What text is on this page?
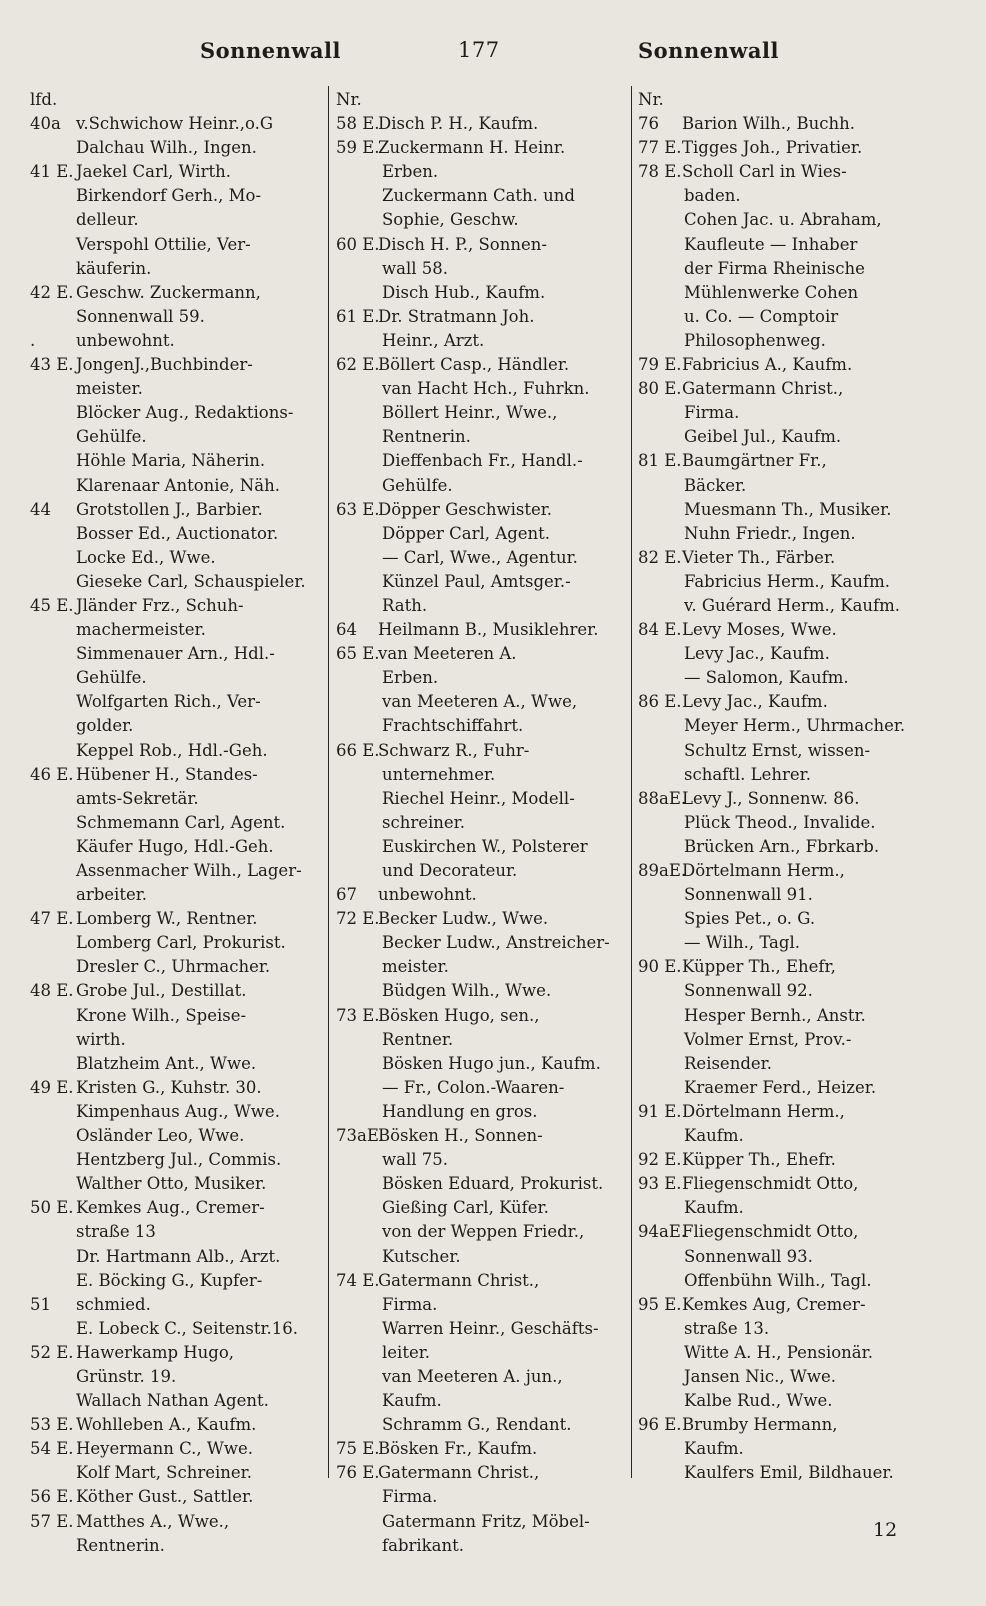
Sonnenwall	177	Sonnenwall
lfd.
40a v.Schwichow Heinr.,o.G
Dalchau Wilh., Ingen.
41 E. Jaekel Carl, Wirth.
Birkendorf Gerh., Mo-
delleur.
Verspohl Ottilie, Ver-
käuferin.
42 E. Geschw. Zuckermann,
Sonnenwall 59.
. unbewohnt.
43 E. JongenJ.,Buchbinder-
meister.
Blöcker Aug., Redaktions-
Gehülfe.
Höhle Maria, Näherin.
Klarenaar Antonie, Näh.
44 Grotstollen J., Barbier.
Bosser Ed., Auctionator.
Locke Ed., Wwe.
Gieseke Carl, Schauspieler.
45 E. Jländer Frz., Schuh-
machermeister.
Simmenauer Arn., Hdl.-
Gehülfe.
Wolfgarten Rich., Ver-
golder.
Keppel Rob., Hdl.-Geh.
46 E. Hübener H., Standes-
amts-Sekretär.
Schmemann Carl, Agent.
Käufer Hugo, Hdl.-Geh.
Assenmacher Wilh., Lager-
arbeiter.
47 E. Lomberg W., Rentner.
Lomberg Carl, Prokurist.
Dresler C., Uhrmacher.
48 E. Grobe Jul., Destillat.
Krone Wilh., Speise-
wirth.
Blatzheim Ant., Wwe.
49 E. Kristen G., Kuhstr. 30.
Kimpenhaus Aug., Wwe.
Osländer Leo, Wwe.
Hentzberg Jul., Commis.
Walther Otto, Musiker.
50 E. Kemkes Aug., Cremer-
straße 13
Dr. Hartmann Alb., Arzt.
E. Böcking G., Kupfer-
51 schmied.
E. Lobeck C., Seitenstr.16.
52 E. Hawerkamp Hugo,
Grünstr. 19.
Wallach Nathan Agent.
53 E. Wohlleben A., Kaufm.
54 E. Heyermann C., Wwe.
Kolf Mart, Schreiner.
56 E. Köther Gust., Sattler.
57 E. Matthes A., Wwe.,
Rentnerin.
Nr.
58 E.Disch P. H., Kaufm.
59 E.Zuckermann H. Heinr.
Erben.
Zuckermann Cath. und
Sophie, Geschw.
60 E.Disch H. P., Sonnen-
wall 58.
Disch Hub., Kaufm.
61 E.Dr. Stratmann Joh.
Heinr., Arzt.
62 E.Böllert Casp., Händler.
van Hacht Hch., Fuhrkn.
Böllert Heinr., Wwe.,
Rentnerin.
Dieffenbach Fr., Handl.-
Gehülfe.
63 E.Döpper Geschwister.
Döpper Carl, Agent.
— Carl, Wwe., Agentur.
Künzel Paul, Amtsger.-
Rath.
64 Heilmann B., Musiklehrer.
65 E.van Meeteren A.
Erben.
van Meeteren A., Wwe,
Frachtschiffahrt.
66 E.Schwarz R., Fuhr-
unternehmer.
Riechel Heinr., Modell-
schreiner.
Euskirchen W., Polsterer
und Decorateur.
67 unbewohnt.
72 E.Becker Ludw., Wwe.
Becker Ludw., Anstreicher-
meister.
Büdgen Wilh., Wwe.
73 E.Bösken Hugo, sen.,
Rentner.
Bösken Hugo jun., Kaufm.
— Fr., Colon.-Waaren-
Handlung en gros.
73aE.Bösken H., Sonnen-
wall 75.
Bösken Eduard, Prokurist.
Gießing Carl, Küfer.
von der Weppen Friedr.,
Kutscher.
74 E.Gatermann Christ.,
Firma.
Warren Heinr., Geschäfts-
leiter.
van Meeteren A. jun.,
Kaufm.
Schramm G., Rendant.
75 E.Bösken Fr., Kaufm.
76 E.Gatermann Christ.,
Firma.
Gatermann Fritz, Möbel-
fabrikant.
Nr.
76 Barion Wilh., Buchh.
77 E.Tigges Joh., Privatier.
78 E.Scholl Carl in Wies-
baden.
Cohen Jac. u. Abraham,
Kaufleute — Inhaber
der Firma Rheinische
Mühlenwerke Cohen
u. Co. — Comptoir
Philosophenweg.
79 E.Fabricius A., Kaufm.
80 E.Gatermann Christ.,
Firma.
Geibel Jul., Kaufm.
81 E.Baumgärtner Fr.,
Bäcker.
Muesmann Th., Musiker.
Nuhn Friedr., Ingen.
82 E.Vieter Th., Färber.
Fabricius Herm., Kaufm.
v. Guérard Herm., Kaufm.
84 E.Levy Moses, Wwe.
Levy Jac., Kaufm.
— Salomon, Kaufm.
86 E.Levy Jac., Kaufm.
Meyer Herm., Uhrmacher.
Schultz Ernst, wissen-
schaftl. Lehrer.
88aE.Levy J., Sonnenw. 86.
Plück Theod., Invalide.
Brücken Arn., Fbrkarb.
89aE.Dörtelmann Herm.,
Sonnenwall 91.
Spies Pet., o. G.
— Wilh., Tagl.
90 E.Küpper Th., Ehefr,
Sonnenwall 92.
Hesper Bernh., Anstr.
Volmer Ernst, Prov.-
Reisender.
Kraemer Ferd., Heizer.
91 E.Dörtelmann Herm.,
Kaufm.
92 E.Küpper Th., Ehefr.
93 E.Fliegenschmidt Otto,
Kaufm.
94aE.Fliegenschmidt Otto,
Sonnenwall 93.
Offenbühn Wilh., Tagl.
95 E.Kemkes Aug, Cremer-
straße 13.
Witte A. H., Pensionär.
Jansen Nic., Wwe.
Kalbe Rud., Wwe.
96 E.Brumby Hermann,
Kaufm.
Kaulfers Emil, Bildhauer.
12
